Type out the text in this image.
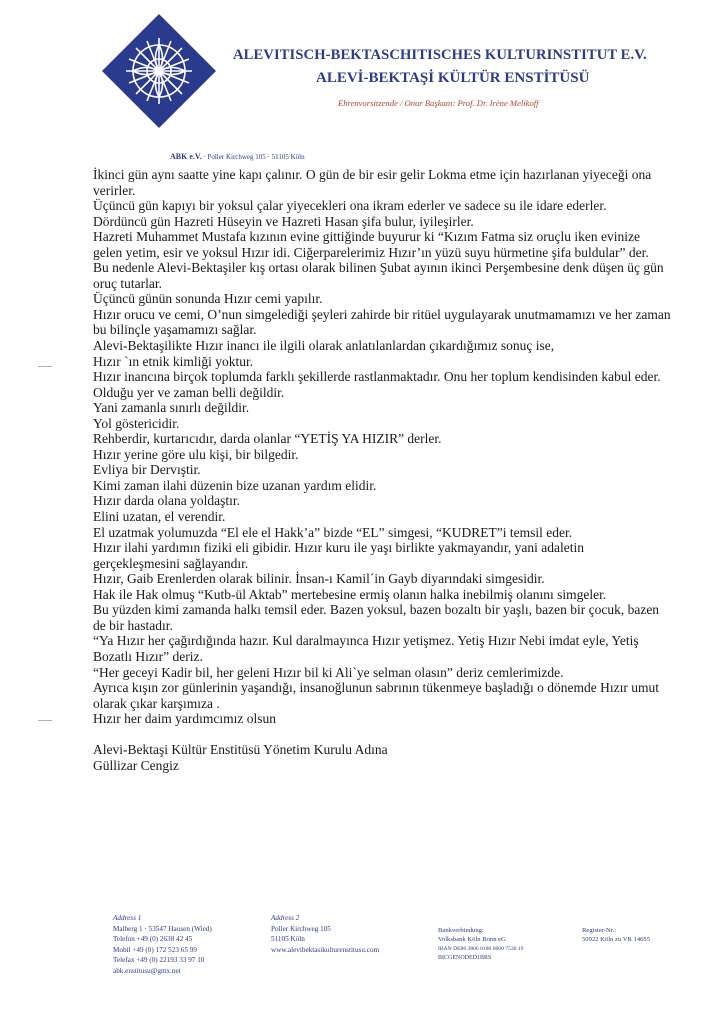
ALEVITISCH-BEKTASCHITISCHES KULTURINSTITUT E.V.
ALEVİ-BEKTAŞİ KÜLTÜR ENSTİTÜSÜ
Ehrenvorsitzende / Onur Başkanı: Prof. Dr. Irène Melikoff
ABK e.V. · Poller Kirchweg 105 · 51105 Köln

İkinci gün aynı saatte yine kapı çalınır. O gün de bir esir gelir Lokma etme için hazırlanan yiyeceği ona verirler.

Üçüncü gün kapıyı bir yoksul çalar yiyecekleri ona ikram ederler ve sadece su ile idare ederler.

Dördüncü gün Hazreti Hüseyin ve Hazreti Hasan şifa bulur, iyileşirler.

Hazreti Muhammet Mustafa kızının evine gittiğinde buyurur ki “Kızım Fatma siz oruçlu iken evinize gelen yetim, esir ve yoksul Hızır idi. Ciğerparelerimiz Hızır’ın yüzü suyu hürmetine şifa buldular” der.

Bu nedenle Alevi-Bektaşiler kış ortası olarak bilinen Şubat ayının ikinci Perşembesine denk düşen üç gün oruç tutarlar.

Üçüncü günün sonunda Hızır cemi yapılır.

Hızır orucu ve cemi, O’nun simgelediği şeyleri zahirde bir ritüel uygulayarak unutmamamızı ve her zaman bu bilinçle yaşamamızı sağlar.

Alevi-Bektaşilikte Hızır inancı ile ilgili olarak anlatılanlardan çıkardığımız sonuç ise,

Hızır `ın etnik kimliği yoktur.

Hızır inancına birçok toplumda farklı şekillerde rastlanmaktadır. Onu her toplum kendisinden kabul eder.

Olduğu yer ve zaman belli değildir.

Yani zamanla sınırlı değildir.

Yol göstericidir.

Rehberdir, kurtarıcıdır, darda olanlar “YETİŞ YA HIZIR” derler.

Hızır yerine göre ulu kişi, bir bilgedir.

Evliya bir Dervıştir.

Kimi zaman ilahi düzenin bize uzanan yardım elidir.

Hızır darda olana yoldaştır.

Elini uzatan, el verendir.

El uzatmak yolumuzda “El ele el Hakk’a” bizde “EL” simgesi, “KUDRET”i temsil eder.

Hızır ilahi yardımın fiziki eli gibidir. Hızır kuru ile yaşı birlikte yakmayandır, yani adaletin gerçekleşmesini sağlayandır.

Hızır, Gaib Erenlerden olarak bilinir. İnsan-ı Kamil´in Gayb diyarındaki simgesidir.

Hak ile Hak olmuş “Kutb-ül Aktab” mertebesine ermiş olanın halka inebilmiş olanını simgeler.

Bu yüzden kimi zamanda halkı temsil eder. Bazen yoksul, bazen bozaltı bir yaşlı, bazen bir çocuk, bazen de bir hastadır.

“Ya Hızır her çağırdığında hazır. Kul daralmayınca Hızır yetişmez. Yetiş Hızır Nebi imdat eyle, Yetiş Bozatlı Hızır” deriz.

“Her geceyi Kadir bil, her geleni Hızır bil ki Ali`ye selman olasın” deriz cemlerimizde.

Ayrıca kışın zor günlerinin yaşandığı, insanoğlunun sabrının tükenmeye başladığı o dönemde Hızır umut olarak çıkar karşımıza .

Hızır her daim yardımcımız olsun

Alevi-Bektaşi Kültür Enstitüsü Yönetim Kurulu Adına

Güllizar Cengiz

Address 1
Malberg 1 · 53547 Hausen (Wied)
Telefon +49 (0) 2638 42 45
Mobil +49 (0) 172 523 65 99
Telefax +49 (0) 22193 33 97 10
abk.enstitusu@gmx.net
Address 2
Poller Kirchweg 105
51105 Köln
www.alevibektasikulturenstitusu.com
Bankverbindung:
Volksbank Köln Bonn eG
IBAN DE86 3806 0186 6600 7530 19
BICGENODED1BRS
Register-Nr.:
50922 Köln zu VR 14655
